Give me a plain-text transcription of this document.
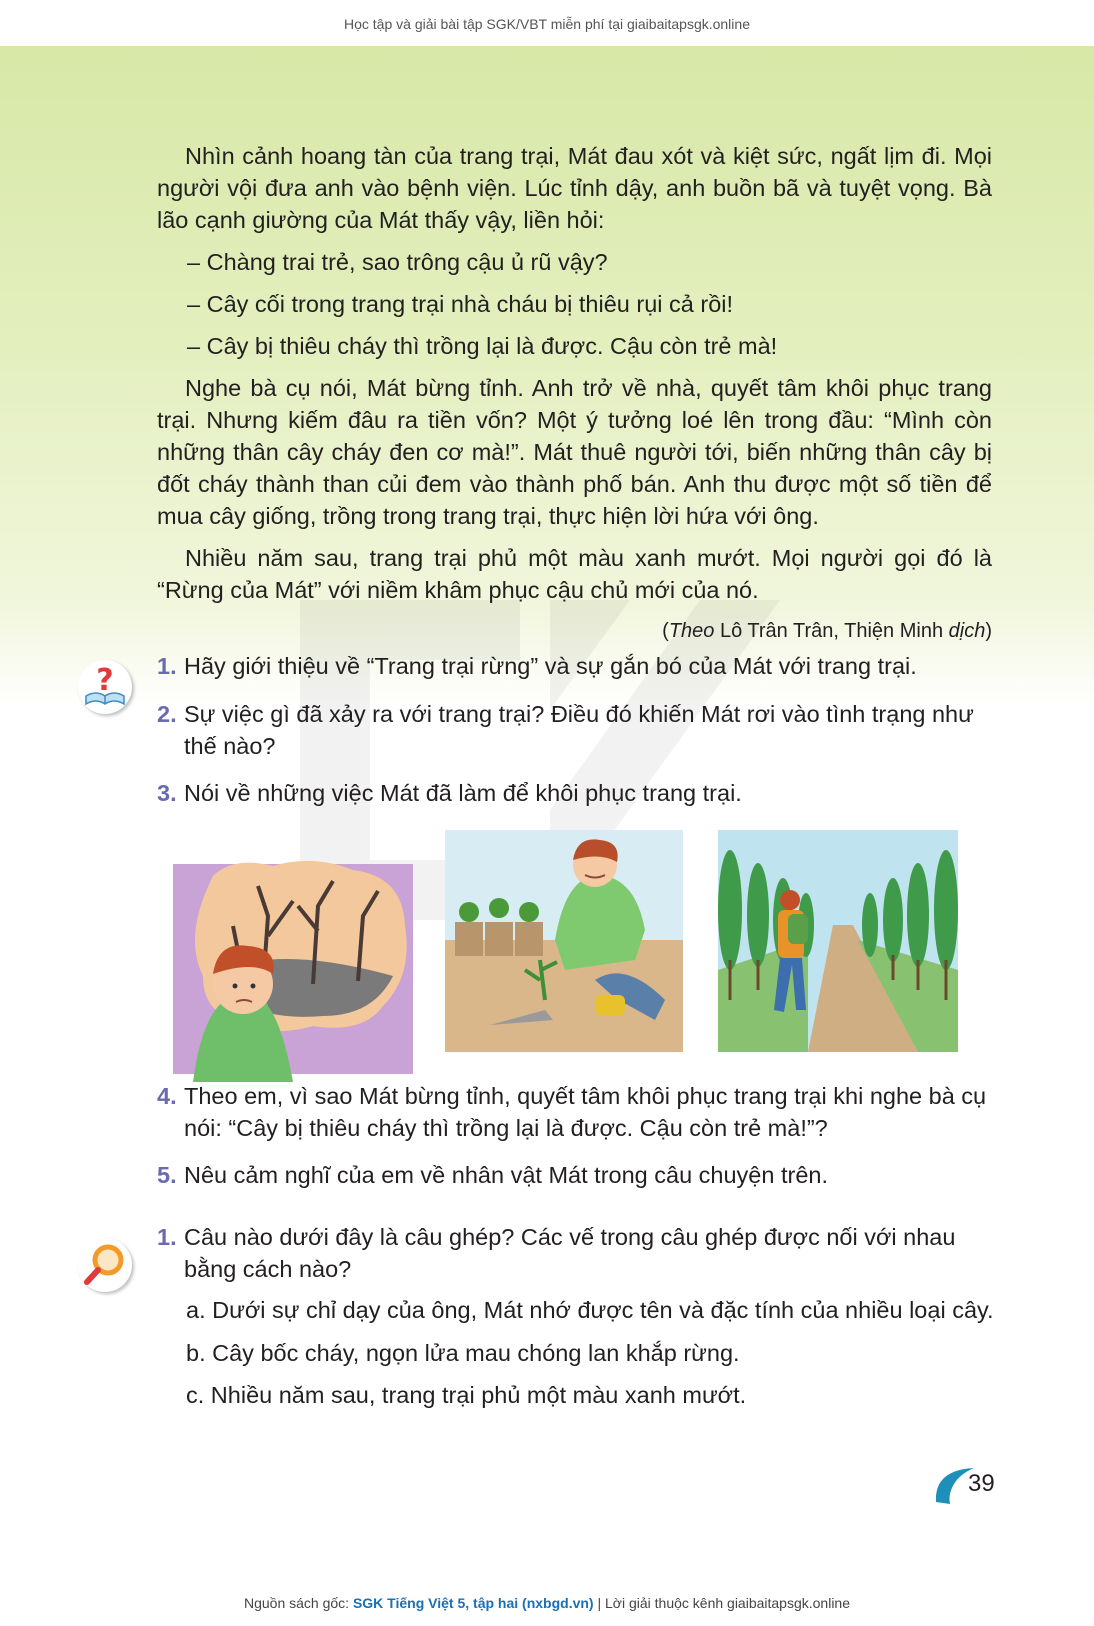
Học tập và giải bài tập SGK/VBT miễn phí tại giaibaitapsgk.online

Nhìn cảnh hoang tàn của trang trại, Mát đau xót và kiệt sức, ngất lịm đi. Mọi người vội đưa anh vào bệnh viện. Lúc tỉnh dậy, anh buồn bã và tuyệt vọng. Bà lão cạnh giường của Mát thấy vậy, liền hỏi:

– Chàng trai trẻ, sao trông cậu ủ rũ vậy?

– Cây cối trong trang trại nhà cháu bị thiêu rụi cả rồi!

– Cây bị thiêu cháy thì trồng lại là được. Cậu còn trẻ mà!

Nghe bà cụ nói, Mát bừng tỉnh. Anh trở về nhà, quyết tâm khôi phục trang trại. Nhưng kiếm đâu ra tiền vốn? Một ý tưởng loé lên trong đầu: “Mình còn những thân cây cháy đen cơ mà!”. Mát thuê người tới, biến những thân cây bị đốt cháy thành than củi đem vào thành phố bán. Anh thu được một số tiền để mua cây giống, trồng trong trang trại, thực hiện lời hứa với ông.

Nhiều năm sau, trang trại phủ một màu xanh mướt. Mọi người gọi đó là “Rừng của Mát” với niềm khâm phục cậu chủ mới của nó.

(Theo Lô Trân Trân, Thiện Minh dịch)
? 1. Hãy giới thiệu về “Trang trại rừng” và sự gắn bó của Mát với trang trại.
2. Sự việc gì đã xảy ra với trang trại? Điều đó khiến Mát rơi vào tình trạng như thế nào?
3. Nói về những việc Mát đã làm để khôi phục trang trại.
4. Theo em, vì sao Mát bừng tỉnh, quyết tâm khôi phục trang trại khi nghe bà cụ nói: “Cây bị thiêu cháy thì trồng lại là được. Cậu còn trẻ mà!”?
5. Nêu cảm nghĩ của em về nhân vật Mát trong câu chuyện trên.
1. Câu nào dưới đây là câu ghép? Các vế trong câu ghép được nối với nhau bằng cách nào?
a. Dưới sự chỉ dạy của ông, Mát nhớ được tên và đặc tính của nhiều loại cây.
b. Cây bốc cháy, ngọn lửa mau chóng lan khắp rừng.
c. Nhiều năm sau, trang trại phủ một màu xanh mướt.
39
Nguồn sách gốc: SGK Tiếng Việt 5, tập hai (nxbgd.vn) | Lời giải thuộc kênh giaibaitapsgk.online
